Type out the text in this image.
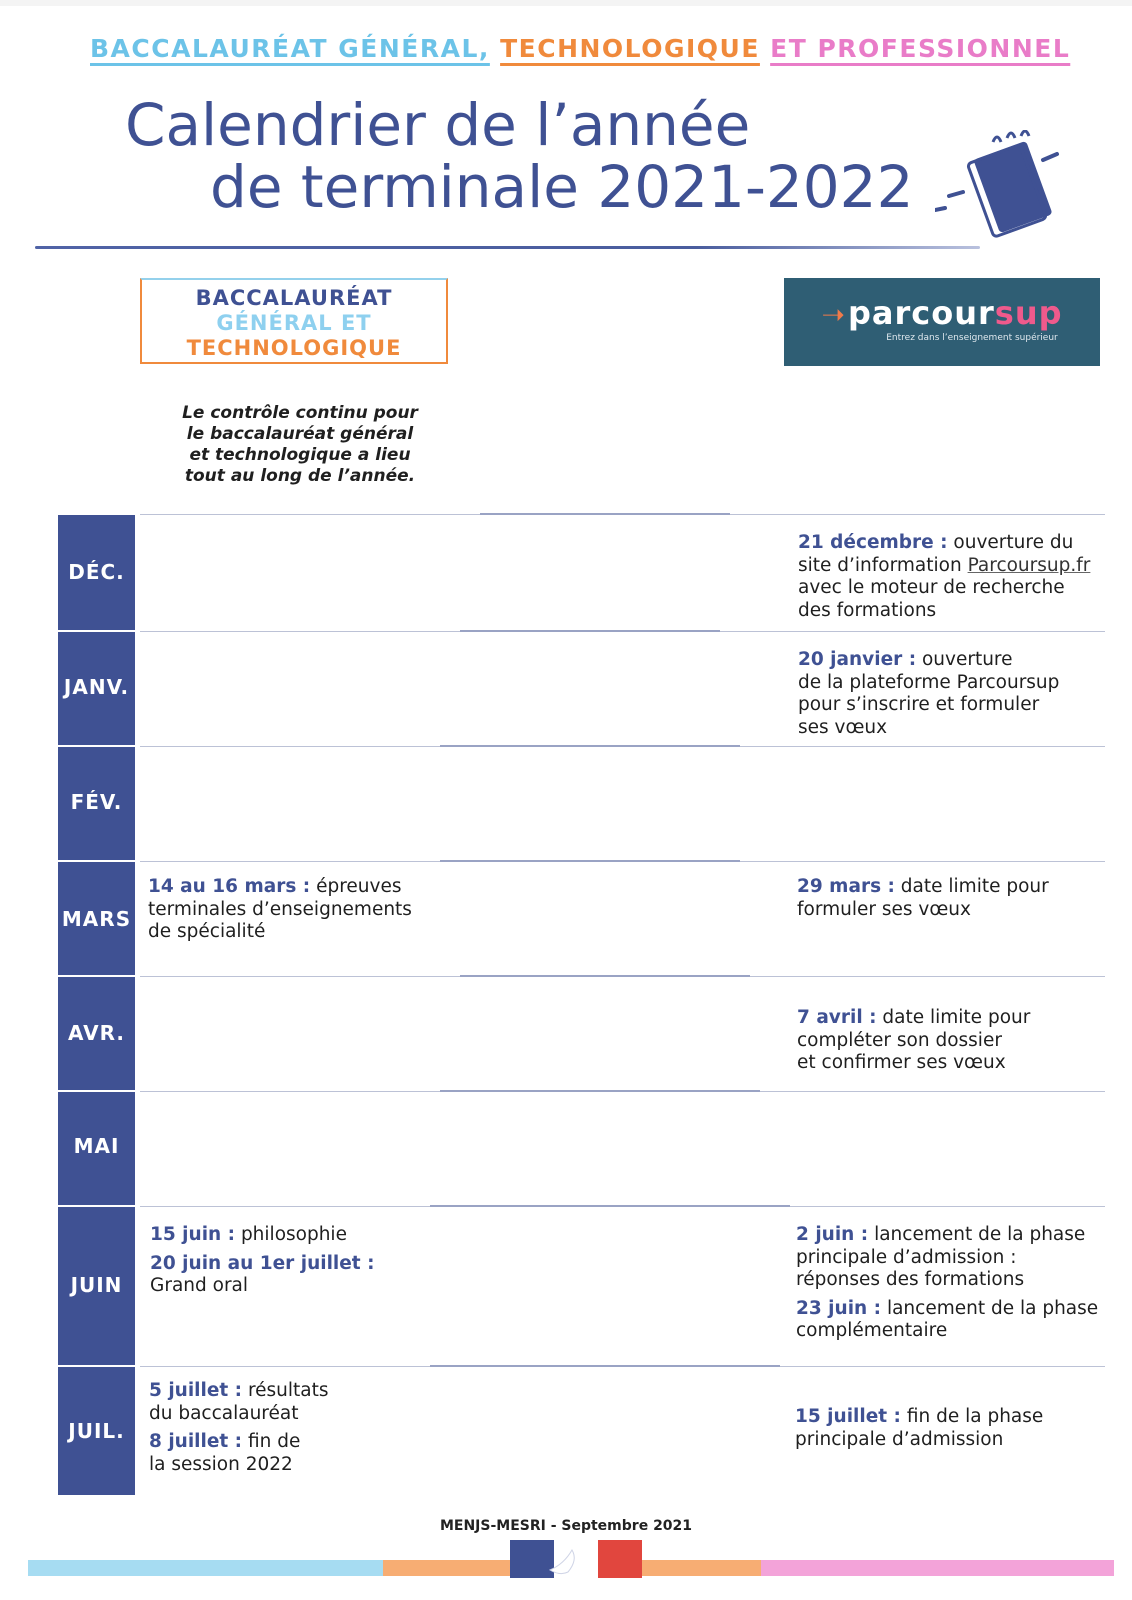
BACCALAURÉAT GÉNÉRAL, TECHNOLOGIQUE ET PROFESSIONNEL
Calendrier de l’année
de terminale 2021-2022
BACCALAURÉAT
GÉNÉRAL ET
TECHNOLOGIQUE
➝parcoursup
Entrez dans l’enseignement supérieur
Le contrôle continu pour le baccalauréat général et technologique a lieu tout au long de l’année.
DÉC.
JANV.
FÉV.
MARS
AVR.
MAI
JUIN
JUIL.
21 décembre : ouverture du
site d’information Parcoursup.fr
avec le moteur de recherche
des formations
20 janvier : ouverture
de la plateforme Parcoursup
pour s’inscrire et formuler
ses vœux
14 au 16 mars : épreuves
terminales d’enseignements
de spécialité
29 mars : date limite pour
formuler ses vœux
7 avril : date limite pour
compléter son dossier
et confirmer ses vœux
15 juin : philosophie
20 juin au 1er juillet :
Grand oral
2 juin : lancement de la phase
principale d’admission :
réponses des formations
23 juin : lancement de la phase
complémentaire
5 juillet : résultats
du baccalauréat
8 juillet : fin de
la session 2022
15 juillet : fin de la phase
principale d’admission
MENJS-MESRI - Septembre 2021
